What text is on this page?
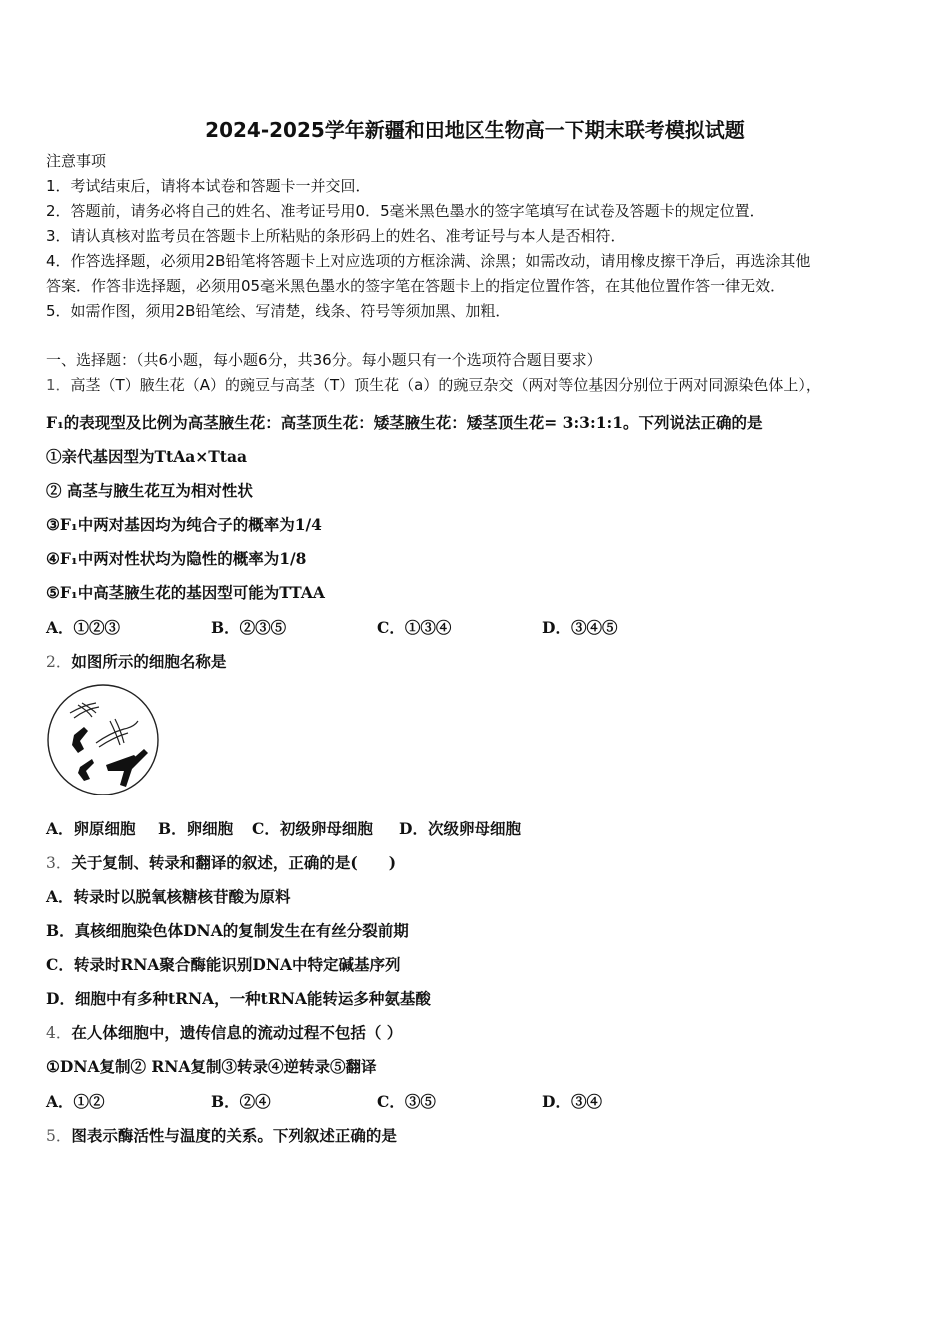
2024-2025学年新疆和田地区生物高一下期末联考模拟试题
注意事项
1．考试结束后，请将本试卷和答题卡一并交回．
2．答题前，请务必将自己的姓名、准考证号用0．5毫米黑色墨水的签字笔填写在试卷及答题卡的规定位置．
3．请认真核对监考员在答题卡上所粘贴的条形码上的姓名、准考证号与本人是否相符．
4．作答选择题，必须用2B铅笔将答题卡上对应选项的方框涂满、涂黑；如需改动，请用橡皮擦干净后，再选涂其他
答案．作答非选择题，必须用05毫米黑色墨水的签字笔在答题卡上的指定位置作答，在其他位置作答一律无效．
5．如需作图，须用2B铅笔绘、写清楚，线条、符号等须加黑、加粗．
一、选择题：（共6小题，每小题6分，共36分。每小题只有一个选项符合题目要求）
1．高茎（T）腋生花（A）的豌豆与高茎（T）顶生花（a）的豌豆杂交（两对等位基因分别位于两对同源染色体上），
F₁的表现型及比例为高茎腋生花：高茎顶生花：矮茎腋生花：矮茎顶生花= 3:3:1:1。下列说法正确的是
①亲代基因型为TtAa×Ttaa
② 高茎与腋生花互为相对性状
③F₁中两对基因均为纯合子的概率为1/4
④F₁中两对性状均为隐性的概率为1/8
⑤F₁中高茎腋生花的基因型可能为TTAA
A．①②③	B．②③⑤	C．①③④	D．③④⑤
2．如图所示的细胞名称是
A．卵原细胞 B．卵细胞 C．初级卵母细胞 D．次级卵母细胞
3．关于复制、转录和翻译的叙述，正确的是(　　)
A．转录时以脱氧核糖核苷酸为原料
B．真核细胞染色体DNA的复制发生在有丝分裂前期
C．转录时RNA聚合酶能识别DNA中特定碱基序列
D．细胞中有多种tRNA，一种tRNA能转运多种氨基酸
4．在人体细胞中，遗传信息的流动过程不包括（ ）
①DNA复制② RNA复制③转录④逆转录⑤翻译
A．①②	B．②④	C．③⑤	D．③④
5．图表示酶活性与温度的关系。下列叙述正确的是
